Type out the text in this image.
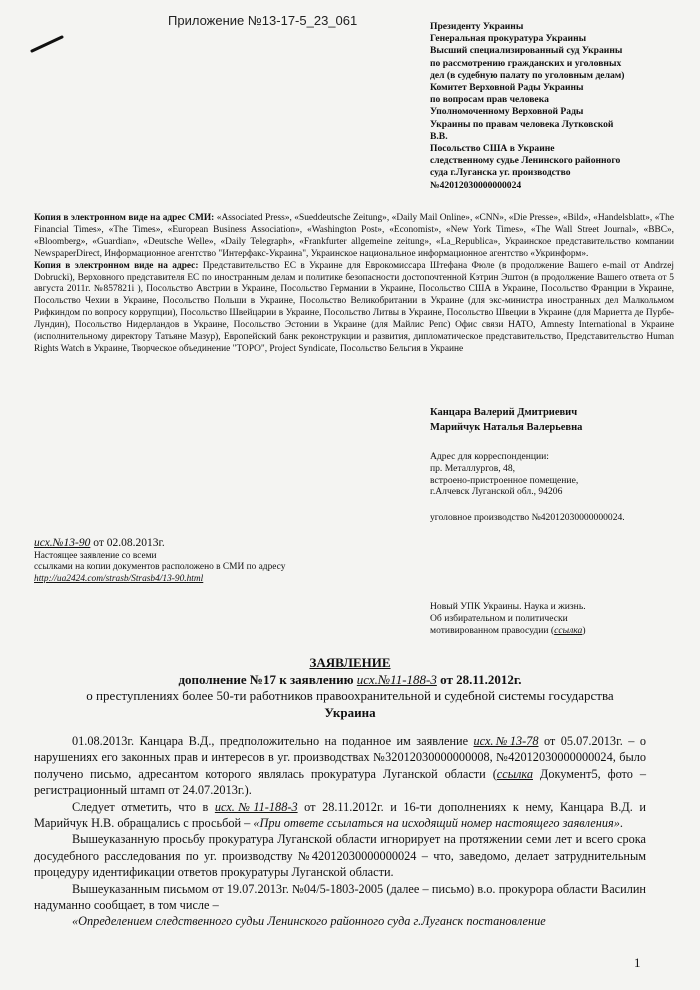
Приложение №13-17-5_23_061	Президенту Украины
Генеральная прокуратура Украины
Высший специализированный суд Украины
по рассмотрению гражданских и уголовных
дел (в судебную палату по уголовным делам)
Комитет Верховной Рады Украины
по вопросам прав человека
Уполномоченному Верховной Рады
Украины по правам человека Лутковской
В.В.
Посольство США в Украине
следственному судье Ленинского районного
суда г.Луганска уг. производство
№42012030000000024

Копия в электронном виде на адрес СМИ: «Associated Press», «Sueddeutsche Zeitung», «Daily Mail Online», «CNN», «Die Presse», «Bild», «Handelsblatt», «The Financial Times», «The Times», «European Business Association», «Washington Post», «Economist», «New York Times», «The Wall Street Journal», «BBC», «Bloomberg», «Guardian», «Deutsche Welle», «Daily Telegraph», «Frankfurter allgemeine zeitung», «La_Republica», Украинское представительство компании NewspaperDirect, Информационное агентство "Интерфакс-Украина", Украинское национальное информационное агентство «Укринформ».

Копия в электронном виде на адрес: Представительство ЕС в Украине для Еврокомиссара Штефана Фюле (в продолжение Вашего e-mail от Andrzej Dobrucki), Верховного представителя ЕС по иностранным делам и политике безопасности достопочтенной Кэтрин Эштон (в продолжение Вашего ответа от 5 августа 2011г. №857821i ), Посольство Австрии в Украине, Посольство Германии в Украине, Посольство США в Украине, Посольство Франции в Украине, Посольство Чехии в Украине, Посольство Польши в Украине, Посольство Великобритании в Украине (для экс-министра иностранных дел Малкольмом Рифкиндом по вопросу коррупции), Посольство Швейцарии в Украине, Посольство Литвы в Украине, Посольство Швеции в Украине (для Мариетта де Пурбе-Лундин), Посольство Нидерландов в Украине, Посольство Эстонии в Украине (для Майлис Репс) Офис связи НАТО, Amnesty International в Украине (исполнительному директору Татьяне Мазур), Европейский банк реконструкции и развития, дипломатическое представительство, Представительство Human Rights Watch в Украине, Творческое объединение "ТОРО", Project Syndicate, Посольство Бельгия в Украине

Канцара Валерий Дмитриевич
Марийчук Наталья Валерьевна
Адрес для корреспонденции:
пр. Металлургов, 48,
встроено-пристроенное помещение,
г.Алчевск Луганской обл., 94206
уголовное производство №42012030000000024.
исх.№13-90 от 02.08.2013г.
Настоящее заявление со всеми
ссылками на копии документов расположено в СМИ по адресу
http://ua2424.com/strasb/Strasb4/13-90.html
Новый УПК Украины. Наука и жизнь.
Об избирательном и политически
мотивированном правосудии (ссылка)
ЗАЯВЛЕНИЕ
дополнение №17 к заявлению исх.№11-188-3 от 28.11.2012г.
о преступлениях более 50-ти работников правоохранительной и судебной системы государства
Украина

01.08.2013г. Канцара В.Д., предположительно на поданное им заявление исх.№13-78 от 05.07.2013г. – о нарушениях его законных прав и интересов в уг. производствах №32012030000000008, №42012030000000024, было получено письмо, адресантом которого являлась прокуратура Луганской области (ссылка Документ5, фото – регистрационный штамп от 24.07.2013г.).

Следует отметить, что в исх.№11-188-3 от 28.11.2012г. и 16-ти дополнениях к нему, Канцара В.Д. и Марийчук Н.В. обращались с просьбой – «При ответе ссылаться на исходящий номер настоящего заявления».

Вышеуказанную просьбу прокуратура Луганской области игнорирует на протяжении семи лет и всего срока досудебного расследования по уг. производству №42012030000000024 – что, заведомо, делает затруднительным процедуру идентификации ответов прокуратуры Луганской области.

Вышеуказанным письмом от 19.07.2013г. №04/5-1803-2005 (далее – письмо) в.о. прокурора области Василин надуманно сообщает, в том числе –

«Определением следственного судьи Ленинского районного суда г.Луганск постановление

1
